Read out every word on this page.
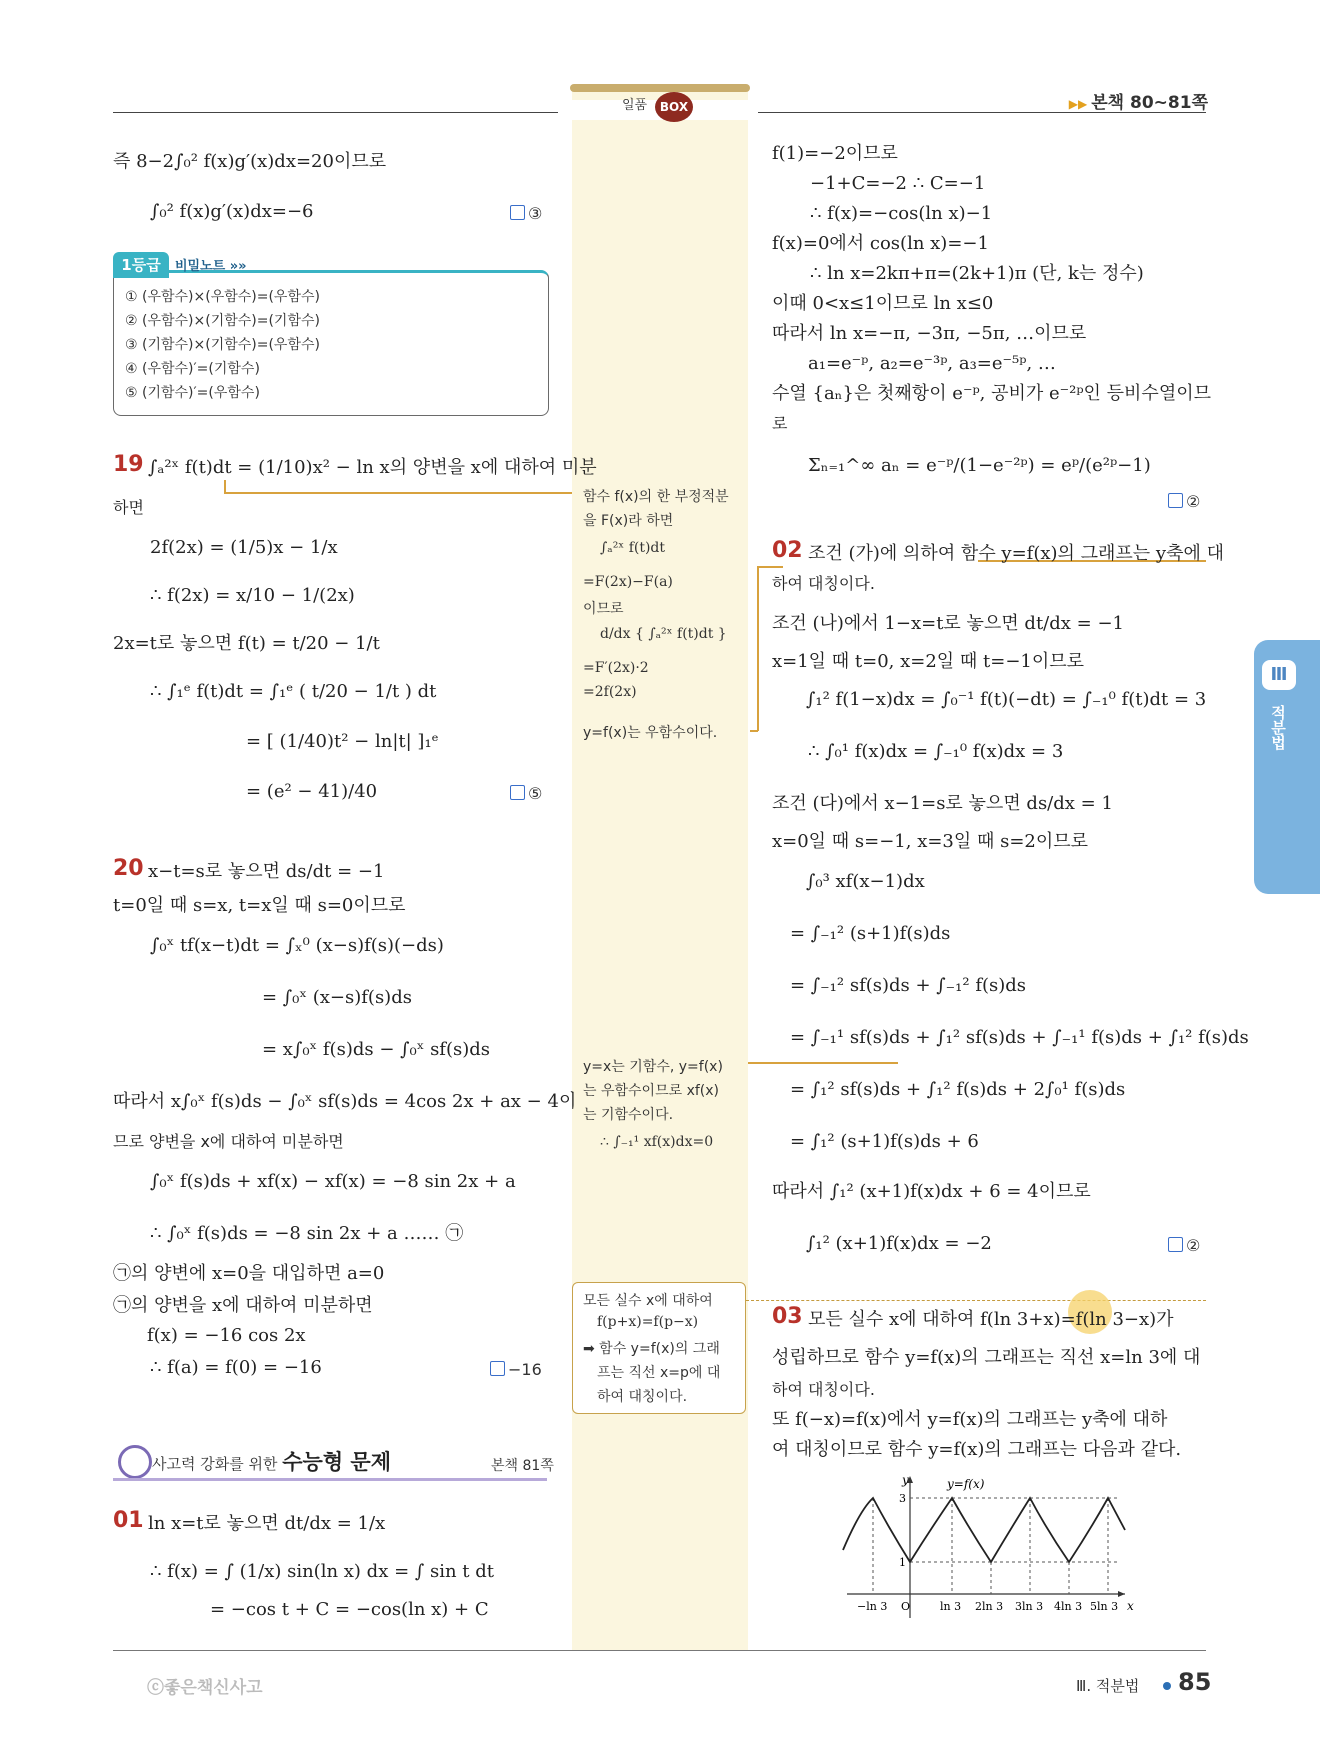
일품	BOX	▶▶ 본책 80~81쪽
즉 8−2∫₀² f(x)g′(x)dx=20이므로
∫₀² f(x)g′(x)dx=−6	③
1등급	비밀노트 »»
① (우함수)×(우함수)=(우함수)
② (우함수)×(기함수)=(기함수)
③ (기함수)×(기함수)=(우함수)
④ (우함수)′=(기함수)
⑤ (기함수)′=(우함수)
19 ∫ₐ²ˣ f(t)dt = (1/10)x² − ln x의 양변을 x에 대하여 미분
하면
2f(2x) = (1/5)x − 1/x
∴ f(2x) = x/10 − 1/(2x)
2x=t로 놓으면 f(t) = t/20 − 1/t
∴ ∫₁ᵉ f(t)dt = ∫₁ᵉ ( t/20 − 1/t ) dt
= [ (1/40)t² − ln|t| ]₁ᵉ
= (e² − 41)/40	⑤
20 x−t=s로 놓으면 ds/dt = −1
t=0일 때 s=x, t=x일 때 s=0이므로
∫₀ˣ tf(x−t)dt = ∫ₓ⁰ (x−s)f(s)(−ds)
= ∫₀ˣ (x−s)f(s)ds
= x∫₀ˣ f(s)ds − ∫₀ˣ sf(s)ds
따라서 x∫₀ˣ f(s)ds − ∫₀ˣ sf(s)ds = 4cos 2x + ax − 4이
므로 양변을 x에 대하여 미분하면
∫₀ˣ f(s)ds + xf(x) − xf(x) = −8 sin 2x + a
∴ ∫₀ˣ f(s)ds = −8 sin 2x + a …… ㉠
㉠의 양변에 x=0을 대입하면 a=0
㉠의 양변을 x에 대하여 미분하면
f(x) = −16 cos 2x
∴ f(a) = f(0) = −16	−16
사고력 강화를 위한 수능형 문제	본책 81쪽
01 ln x=t로 놓으면 dt/dx = 1/x
∴ f(x) = ∫ (1/x) sin(ln x) dx = ∫ sin t dt
= −cos t + C = −cos(ln x) + C
함수 f(x)의 한 부정적분
을 F(x)라 하면
∫ₐ²ˣ f(t)dt
=F(2x)−F(a)
이므로
d/dx { ∫ₐ²ˣ f(t)dt }
=F′(2x)·2
=2f(2x)
y=f(x)는 우함수이다.
y=x는 기함수, y=f(x)
는 우함수이므로 xf(x)
는 기함수이다.
∴ ∫₋₁¹ xf(x)dx=0
모든 실수 x에 대하여
f(p+x)=f(p−x)
➡ 함수 y=f(x)의 그래
프는 직선 x=p에 대
하여 대칭이다.
f(1)=−2이므로
−1+C=−2 ∴ C=−1
∴ f(x)=−cos(ln x)−1
f(x)=0에서 cos(ln x)=−1
∴ ln x=2kπ+π=(2k+1)π (단, k는 정수)
이때 0<x≤1이므로 ln x≤0
따라서 ln x=−π, −3π, −5π, …이므로
a₁=e⁻ᵖ, a₂=e⁻³ᵖ, a₃=e⁻⁵ᵖ, …
수열 {aₙ}은 첫째항이 e⁻ᵖ, 공비가 e⁻²ᵖ인 등비수열이므
로
Σₙ₌₁^∞ aₙ = e⁻ᵖ/(1−e⁻²ᵖ) = eᵖ/(e²ᵖ−1)
②
02 조건 (가)에 의하여 함수 y=f(x)의 그래프는 y축에 대
하여 대칭이다.
조건 (나)에서 1−x=t로 놓으면 dt/dx = −1
x=1일 때 t=0, x=2일 때 t=−1이므로
∫₁² f(1−x)dx = ∫₀⁻¹ f(t)(−dt) = ∫₋₁⁰ f(t)dt = 3
∴ ∫₀¹ f(x)dx = ∫₋₁⁰ f(x)dx = 3
조건 (다)에서 x−1=s로 놓으면 ds/dx = 1
x=0일 때 s=−1, x=3일 때 s=2이므로
∫₀³ xf(x−1)dx
= ∫₋₁² (s+1)f(s)ds
= ∫₋₁² sf(s)ds + ∫₋₁² f(s)ds
= ∫₋₁¹ sf(s)ds + ∫₁² sf(s)ds + ∫₋₁¹ f(s)ds + ∫₁² f(s)ds
= ∫₁² sf(s)ds + ∫₁² f(s)ds + 2∫₀¹ f(s)ds
= ∫₁² (s+1)f(s)ds + 6
따라서 ∫₁² (x+1)f(x)dx + 6 = 4이므로
∫₁² (x+1)f(x)dx = −2	②
03 모든 실수 x에 대하여 f(ln 3+x)=f(ln 3−x)가
성립하므로 함수 y=f(x)의 그래프는 직선 x=ln 3에 대
하여 대칭이다.
또 f(−x)=f(x)에서 y=f(x)의 그래프는 y축에 대하
여 대칭이므로 함수 y=f(x)의 그래프는 다음과 같다.
y
x
y=f(x)
3
1
O
−ln 3	ln 3 2ln 3 3ln 3 4ln 3 5ln 3
Ⅲ
적분법
ⓒ좋은책신사고	Ⅲ. 적분법 85
